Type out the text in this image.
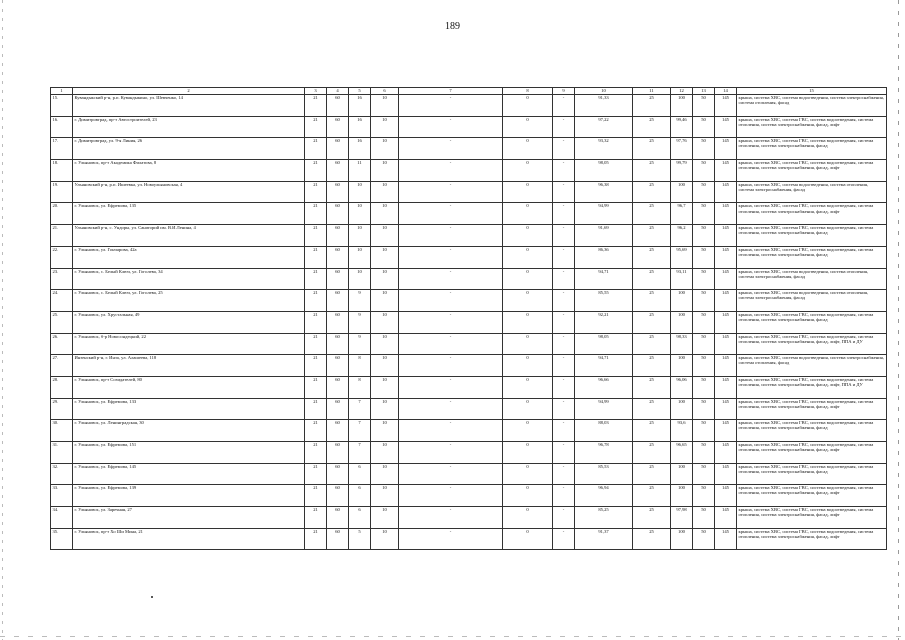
189
1	2	3	4	5	6	7	8	9	10	11	12	13	14	15
15.	Кувандыкский р-н, р.п. Кувандыкино, ул. Шевченко, 14	21	60	16	10	-	0	-	91,33	25	100	50	145	крыша, система ХВС, система водоотведения, система электроснабжения, система отопления, фасад
16.	г. Димитровград, пр-т Автостроителей, 23	21	60	16	10	-	0	-	97,22	25	99,46	50	145	крыша, система ХВС, система ГВС, система водоотведения, система отопления, система электроснабжения, фасад, лифт
17.	г. Димитровград, ул. 9-я Линия, 26	21	60	16	10	-	0	-	93,32	25	97,76	50	145	крыша, система ХВС, система ГВС, система водоотведения, система отопления, система электроснабжения, фасад
18.	г. Ульяновск, пр-т Академика Филатова, 8	21	60	11	10	-	0	-	98,05	25	99,79	50	145	крыша, система ХВС, система ГВС, система водоотведения, система отопления, система электроснабжения, фасад, лифт
19.	Ульяновский р-н, р.п. Ишеевка, ул. Новоульяновская, 4	21	60	10	10	-	0	-	96,38	25	100	50	145	крыша, система ХВС, система водоотведения, система отопления, система электроснабжения, фасад
20.	г. Ульяновск, ул. Ефремова, 135	21	60	10	10	-	0	-	94,99	25	96,7	50	145	крыша, система ХВС, система ГВС, система водоотведения, система отопления, система электроснабжения, фасад, лифт
21.	Ульяновский р-н, с. Ундоры, ул. Санаторий им. В.И.Ленина, 4	21	60	10	10	-	0	-	91,69	25	96,2	50	145	крыша, система ХВС, система ГВС, система водоотведения, система отопления, система электроснабжения, фасад
22.	г. Ульяновск, ул. Гончарова, 42а	21	60	10	10	-	0	-	86,36	25	95,69	50	145	крыша, система ХВС, система ГВС, система водоотведения, система отопления, система электроснабжения, фасад
23.	г. Ульяновск, с. Белый Ключ, ул. Гоголева, 34	21	60	10	10	-	0	-	94,71	25	93,11	50	145	крыша, система ХВС, система водоотведения, система отопления, система электроснабжения, фасад
24.	г. Ульяновск, с. Белый Ключ, ул. Гоголева, 25	21	60	9	10	-	0	-	85,55	25	100	50	145	крыша, система ХВС, система водоотведения, система отопления, система электроснабжения, фасад
25.	г. Ульяновск, ул. Хрустальная, 49	21	60	9	10	-	0	-	92,21	25	100	50	145	крыша, система ХВС, система ГВС, система водоотведения, система отопления, система электроснабжения, фасад
26.	г. Ульяновск, б-р Новосондецкий, 22	21	60	9	10	-	0	-	98,05	25	98,33	50	145	крыша, система ХВС, система ГВС, система водоотведения, система отопления, система электроснабжения, фасад, лифт, ППА и ДУ
27.	Инзенский р-н, г. Инза, ул. Алашеева, 118	21	60	8	10	-	0	-	94,71	25	100	50	145	крыша, система ХВС, система водоотведения, система электроснабжения, система отопления, фасад
28.	г. Ульяновск, пр-т Созидателей, 80	21	60	8	10	-	0	-	96,66	25	96,06	50	145	крыша, система ХВС, система ГВС, система водоотведения, система отопления, система электроснабжения, фасад, лифт, ППА и ДУ
29.	г. Ульяновск, ул. Ефремова, 133	21	60	7	10	-	0	-	94,99	25	100	50	145	крыша, система ХВС, система ГВС, система водоотведения, система отопления, система электроснабжения, фасад, лифт
30.	г. Ульяновск, ул. Ленинградская, 30	21	60	7	10	-	0	-	88,03	25	93,6	50	145	крыша, система ХВС, система ГВС, система водоотведения, система отопления, система электроснабжения, фасад
31.	г. Ульяновск, ул. Ефремова, 151	21	60	7	10	-	0	-	96,78	25	96,65	50	145	крыша, система ХВС, система ГВС, система водоотведения, система отопления, система электроснабжения, фасад, лифт
32.	г. Ульяновск, ул. Ефремова, 145	21	60	6	10	-	0	-	85,53	25	100	50	145	крыша, система ХВС, система ГВС, система водоотведения, система отопления, система электроснабжения, фасад
33.	г. Ульяновск, ул. Ефремова, 139	21	60	6	10	-	0	-	96,94	25	100	50	145	крыша, система ХВС, система ГВС, система водоотведения, система отопления, система электроснабжения, фасад, лифт
34.	г. Ульяновск, ул. Заречная, 27	21	60	6	10	-	0	-	85,25	25	97,98	50	145	крыша, система ХВС, система ГВС, система водоотведения, система отопления, система электроснабжения, фасад, лифт
35.	г. Ульяновск, пр-т Хо Ши Мина, 21	21	60	5	10	-	0	-	91,37	25	100	50	145	крыша, система ХВС, система ГВС, система водоотведения, система отопления, система электроснабжения, фасад, лифт
